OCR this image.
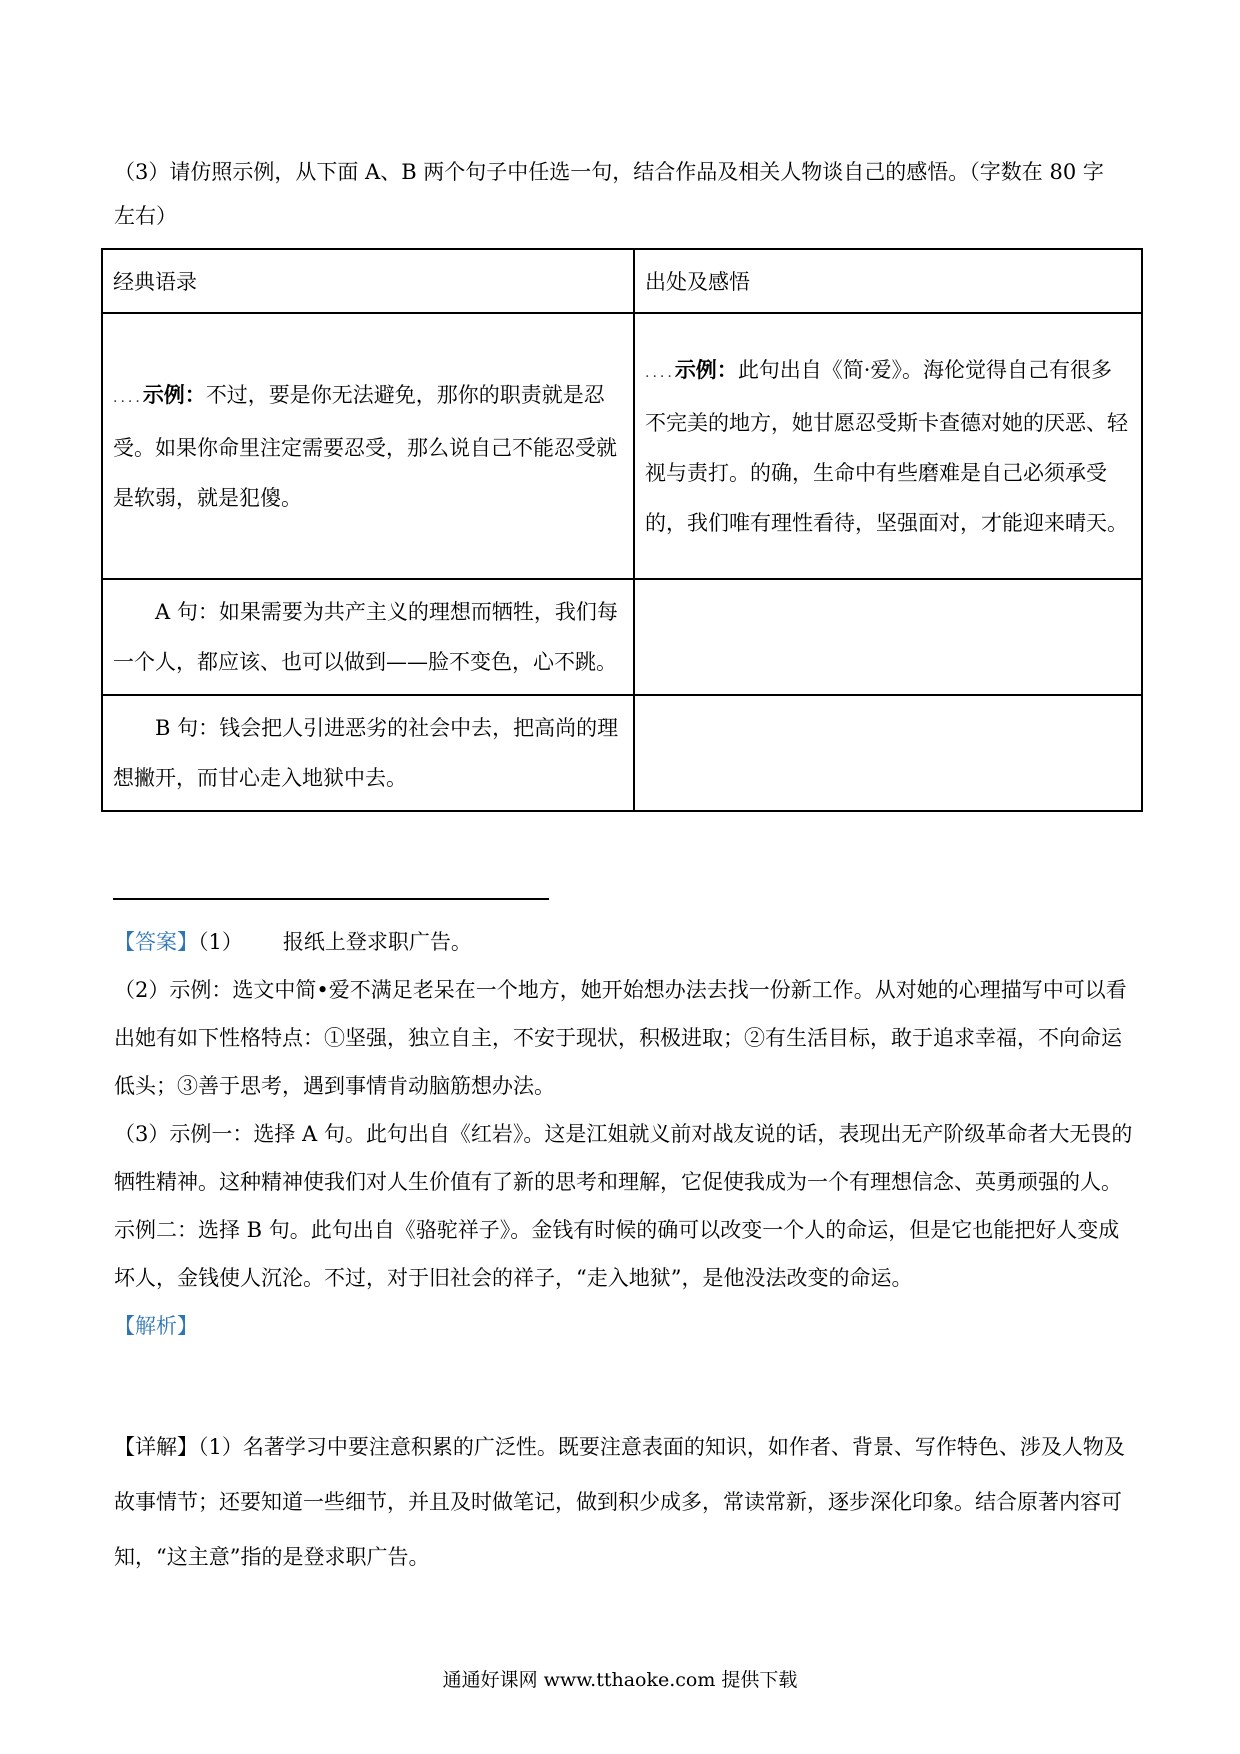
（3）请仿照示例，从下面 A、B 两个句子中任选一句，结合作品及相关人物谈自己的感悟。（字数在 80 字左右）
经典语录	出处及感悟

....示例：不过，要是你无法避免，那你的职责就是忍受。如果你命里注定需要忍受，那么说自己不能忍受就是软弱，就是犯傻。	....示例：此句出自《简·爱》。海伦觉得自己有很多不完美的地方，她甘愿忍受斯卡查德对她的厌恶、轻视与责打。的确，生命中有些磨难是自己必须承受的，我们唯有理性看待，坚强面对，才能迎来晴天。

A 句：如果需要为共产主义的理想而牺牲，我们每一个人，都应该、也可以做到——脸不变色，心不跳。	

B 句：钱会把人引进恶劣的社会中去，把高尚的理想撇开，而甘心走入地狱中去。	

【答案】（1） 报纸上登求职广告。

（2）示例：选文中简•爱不满足老呆在一个地方，她开始想办法去找一份新工作。从对她的心理描写中可以看出她有如下性格特点：①坚强，独立自主，不安于现状，积极进取；②有生活目标，敢于追求幸福，不向命运低头；③善于思考，遇到事情肯动脑筋想办法。

（3）示例一：选择 A 句。此句出自《红岩》。这是江姐就义前对战友说的话，表现出无产阶级革命者大无畏的牺牲精神。这种精神使我们对人生价值有了新的思考和理解，它促使我成为一个有理想信念、英勇顽强的人。

示例二：选择 B 句。此句出自《骆驼祥子》。金钱有时候的确可以改变一个人的命运，但是它也能把好人变成坏人，金钱使人沉沦。不过，对于旧社会的祥子，“走入地狱”，是他没法改变的命运。

【解析】

【详解】（1）名著学习中要注意积累的广泛性。既要注意表面的知识，如作者、背景、写作特色、涉及人物及故事情节；还要知道一些细节，并且及时做笔记，做到积少成多，常读常新，逐步深化印象。结合原著内容可知，“这主意”指的是登求职广告。

通通好课网 www.tthaoke.com 提供下载
